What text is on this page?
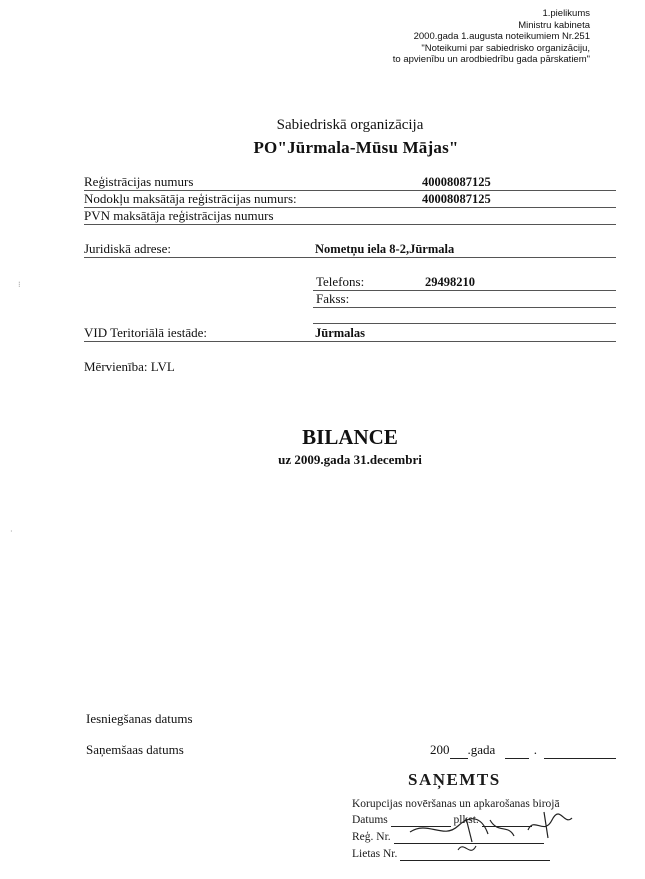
1.pielikums
Ministru kabineta
2000.gada 1.augusta noteikumiem Nr.251
"Noteikumi par sabiedrisko organizāciju,
to apvienību un arodbiedrību gada pārskatiem"
Sabiedriskā organizācija
PO"Jūrmala-Mūsu Mājas"
Reģistrācijas numurs	40008087125
Nodokļu maksātāja reģistrācijas numurs:	40008087125
PVN maksātāja reģistrācijas numurs
Juridiskā adrese:	Nometņu iela 8-2,Jūrmala
Telefons:	29498210
Fakss:
VID Teritoriālā iestāde:	Jūrmalas
Mērvienība: LVL
BILANCE
uz 2009.gada 31.decembri
Iesniegšanas datums
Saņemšaas datums	200 .gada	.
SAŅEMTS
Korupcijas novēršanas un apkarošanas birojā
Datums	plkst.
Reģ. Nr.
Lietas Nr.
⁝
·
